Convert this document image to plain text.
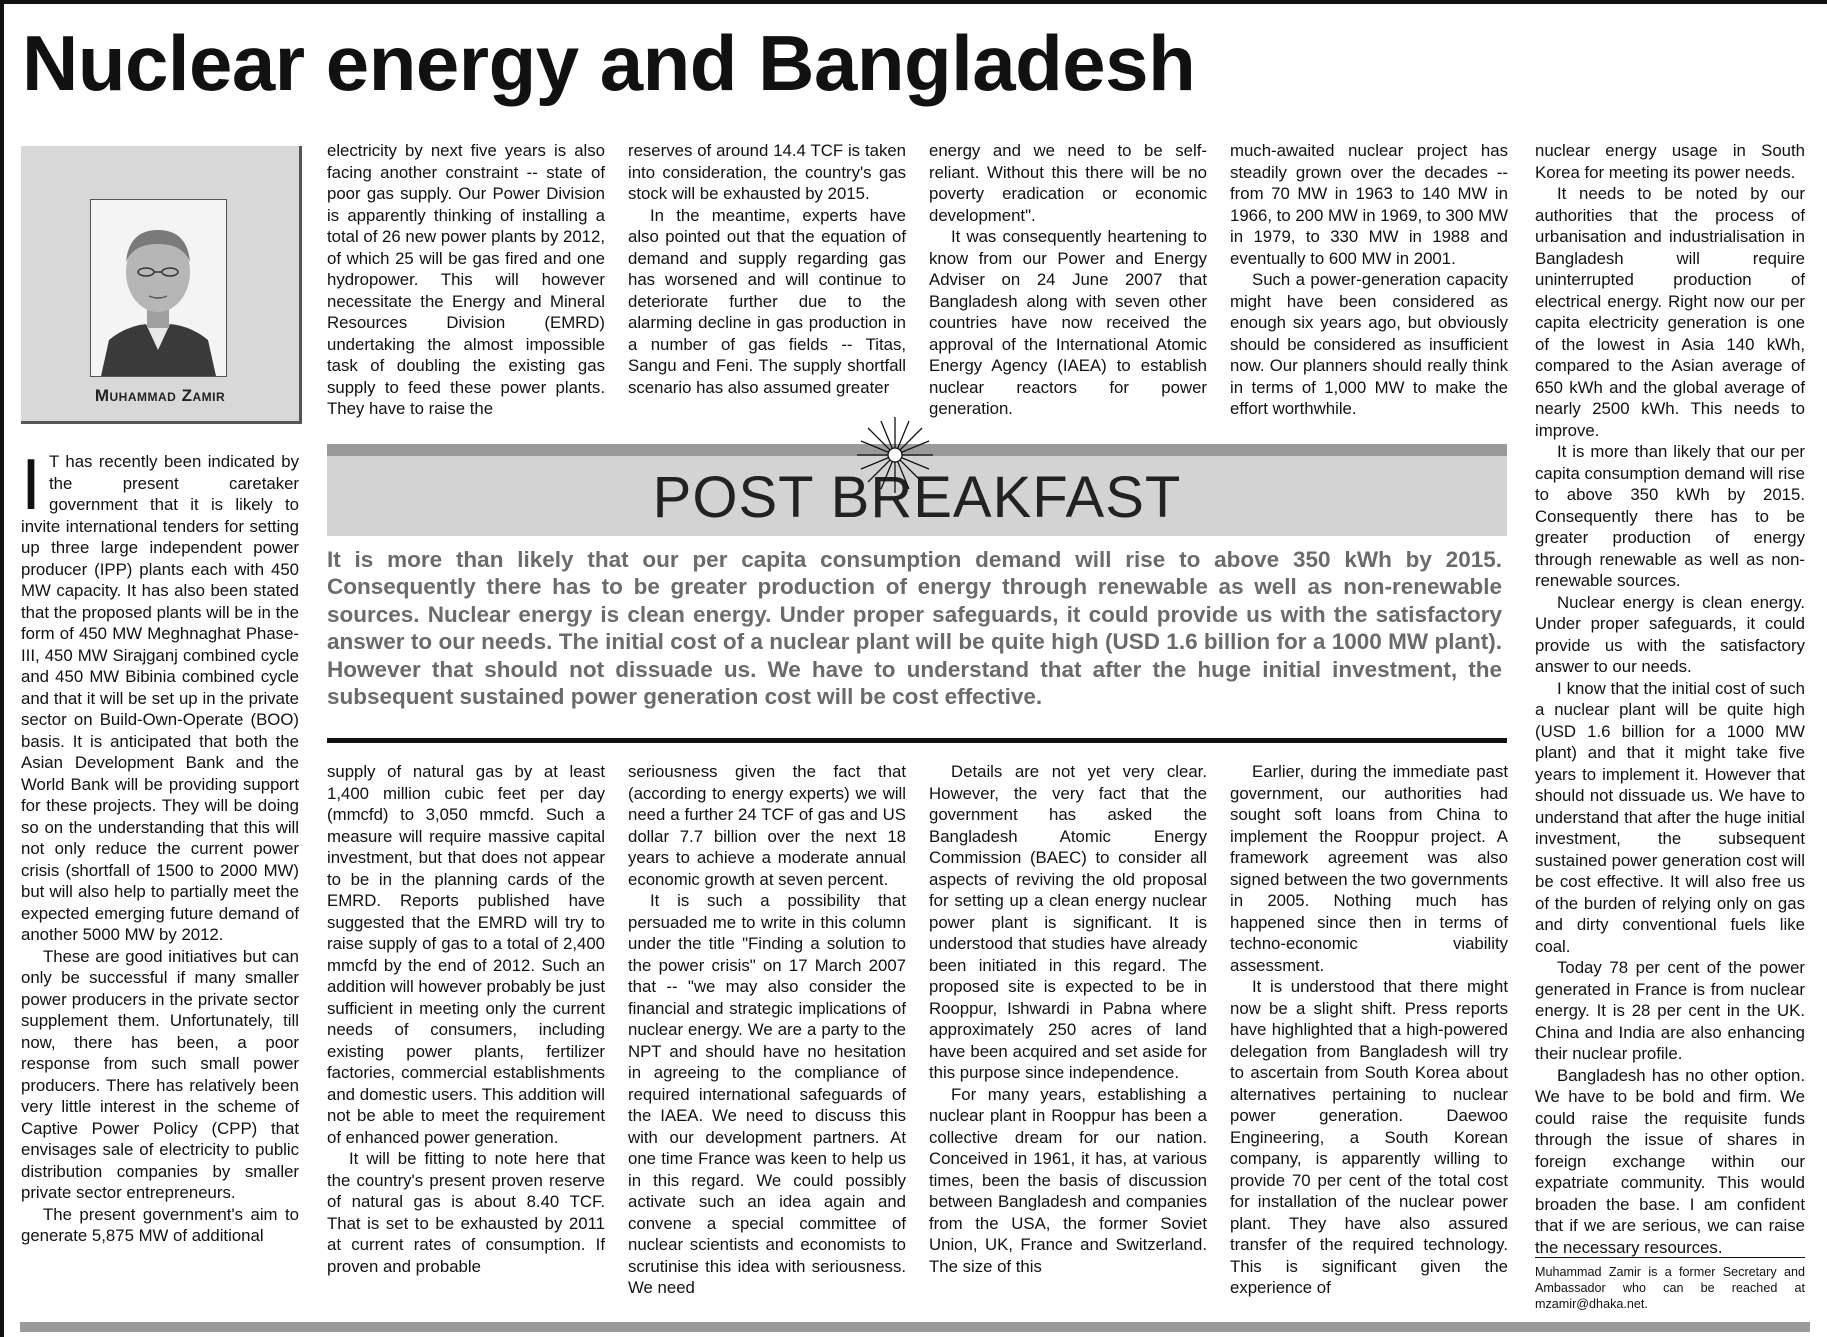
Nuclear energy and Bangladesh
Muhammad Zamir

I T has recently been indicated by the present caretaker government that it is likely to invite international tenders for setting up three large independent power producer (IPP) plants each with 450 MW capacity. It has also been stated that the proposed plants will be in the form of 450 MW Meghnaghat Phase-III, 450 MW Sirajganj combined cycle and 450 MW Bibinia combined cycle and that it will be set up in the private sector on Build-Own-Operate (BOO) basis. It is anticipated that both the Asian Development Bank and the World Bank will be providing support for these projects. They will be doing so on the understanding that this will not only reduce the current power crisis (shortfall of 1500 to 2000 MW) but will also help to partially meet the expected emerging future demand of another 5000 MW by 2012.

These are good initiatives but can only be successful if many smaller power producers in the private sector supplement them. Unfortunately, till now, there has been, a poor response from such small power producers. There has relatively been very little interest in the scheme of Captive Power Policy (CPP) that envisages sale of electricity to public distribution companies by smaller private sector entrepreneurs.

The present government's aim to generate 5,875 MW of additional

electricity by next five years is also facing another constraint -- state of poor gas supply. Our Power Division is apparently thinking of installing a total of 26 new power plants by 2012, of which 25 will be gas fired and one hydropower. This will however necessitate the Energy and Mineral Resources Division (EMRD) undertaking the almost impossible task of doubling the existing gas supply to feed these power plants. They have to raise the

reserves of around 14.4 TCF is taken into consideration, the country's gas stock will be exhausted by 2015.

In the meantime, experts have also pointed out that the equation of demand and supply regarding gas has worsened and will continue to deteriorate further due to the alarming decline in gas production in a number of gas fields -- Titas, Sangu and Feni. The supply shortfall scenario has also assumed greater

energy and we need to be self-reliant. Without this there will be no poverty eradication or economic development".

It was consequently heartening to know from our Power and Energy Adviser on 24 June 2007 that Bangladesh along with seven other countries have now received the approval of the International Atomic Energy Agency (IAEA) to establish nuclear reactors for power generation.

much-awaited nuclear project has steadily grown over the decades -- from 70 MW in 1963 to 140 MW in 1966, to 200 MW in 1969, to 300 MW in 1979, to 330 MW in 1988 and eventually to 600 MW in 2001.

Such a power-generation capacity might have been considered as enough six years ago, but obviously should be considered as insufficient now. Our planners should really think in terms of 1,000 MW to make the effort worthwhile.

nuclear energy usage in South Korea for meeting its power needs.

It needs to be noted by our authorities that the process of urbanisation and industrialisation in Bangladesh will require uninterrupted production of electrical energy. Right now our per capita electricity generation is one of the lowest in Asia 140 kWh, compared to the Asian average of 650 kWh and the global average of nearly 2500 kWh. This needs to improve.

It is more than likely that our per capita consumption demand will rise to above 350 kWh by 2015. Consequently there has to be greater production of energy through renewable as well as non-renewable sources.

Nuclear energy is clean energy. Under proper safeguards, it could provide us with the satisfactory answer to our needs.

I know that the initial cost of such a nuclear plant will be quite high (USD 1.6 billion for a 1000 MW plant) and that it might take five years to implement it. However that should not dissuade us. We have to understand that after the huge initial investment, the subsequent sustained power generation cost will be cost effective. It will also free us of the burden of relying only on gas and dirty conventional fuels like coal.

Today 78 per cent of the power generated in France is from nuclear energy. It is 28 per cent in the UK. China and India are also enhancing their nuclear profile.

Bangladesh has no other option. We have to be bold and firm. We could raise the requisite funds through the issue of shares in foreign exchange within our expatriate community. This would broaden the base. I am confident that if we are serious, we can raise the necessary resources.

POST BREAKFAST

It is more than likely that our per capita consumption demand will rise to above 350 kWh by 2015. Consequently there has to be greater production of energy through renewable as well as non-renewable sources. Nuclear energy is clean energy. Under proper safeguards, it could provide us with the satisfactory answer to our needs. The initial cost of a nuclear plant will be quite high (USD 1.6 billion for a 1000 MW plant). However that should not dissuade us. We have to understand that after the huge initial investment, the subsequent sustained power generation cost will be cost effective.

supply of natural gas by at least 1,400 million cubic feet per day (mmcfd) to 3,050 mmcfd. Such a measure will require massive capital investment, but that does not appear to be in the planning cards of the EMRD. Reports published have suggested that the EMRD will try to raise supply of gas to a total of 2,400 mmcfd by the end of 2012. Such an addition will however probably be just sufficient in meeting only the current needs of consumers, including existing power plants, fertilizer factories, commercial establishments and domestic users. This addition will not be able to meet the requirement of enhanced power generation.

It will be fitting to note here that the country's present proven reserve of natural gas is about 8.40 TCF. That is set to be exhausted by 2011 at current rates of consumption. If proven and probable

seriousness given the fact that (according to energy experts) we will need a further 24 TCF of gas and US dollar 7.7 billion over the next 18 years to achieve a moderate annual economic growth at seven percent.

It is such a possibility that persuaded me to write in this column under the title "Finding a solution to the power crisis" on 17 March 2007 that -- "we may also consider the financial and strategic implications of nuclear energy. We are a party to the NPT and should have no hesitation in agreeing to the compliance of required international safeguards of the IAEA. We need to discuss this with our development partners. At one time France was keen to help us in this regard. We could possibly activate such an idea again and convene a special committee of nuclear scientists and economists to scrutinise this idea with seriousness. We need

Details are not yet very clear. However, the very fact that the government has asked the Bangladesh Atomic Energy Commission (BAEC) to consider all aspects of reviving the old proposal for setting up a clean energy nuclear power plant is significant. It is understood that studies have already been initiated in this regard. The proposed site is expected to be in Rooppur, Ishwardi in Pabna where approximately 250 acres of land have been acquired and set aside for this purpose since independence.

For many years, establishing a nuclear plant in Rooppur has been a collective dream for our nation. Conceived in 1961, it has, at various times, been the basis of discussion between Bangladesh and companies from the USA, the former Soviet Union, UK, France and Switzerland. The size of this

Earlier, during the immediate past government, our authorities had sought soft loans from China to implement the Rooppur project. A framework agreement was also signed between the two governments in 2005. Nothing much has happened since then in terms of techno-economic viability assessment.

It is understood that there might now be a slight shift. Press reports have highlighted that a high-powered delegation from Bangladesh will try to ascertain from South Korea about alternatives pertaining to nuclear power generation. Daewoo Engineering, a South Korean company, is apparently willing to provide 70 per cent of the total cost for installation of the nuclear power plant. They have also assured transfer of the required technology. This is significant given the experience of

Muhammad Zamir is a former Secretary and Ambassador who can be reached at mzamir@dhaka.net.
